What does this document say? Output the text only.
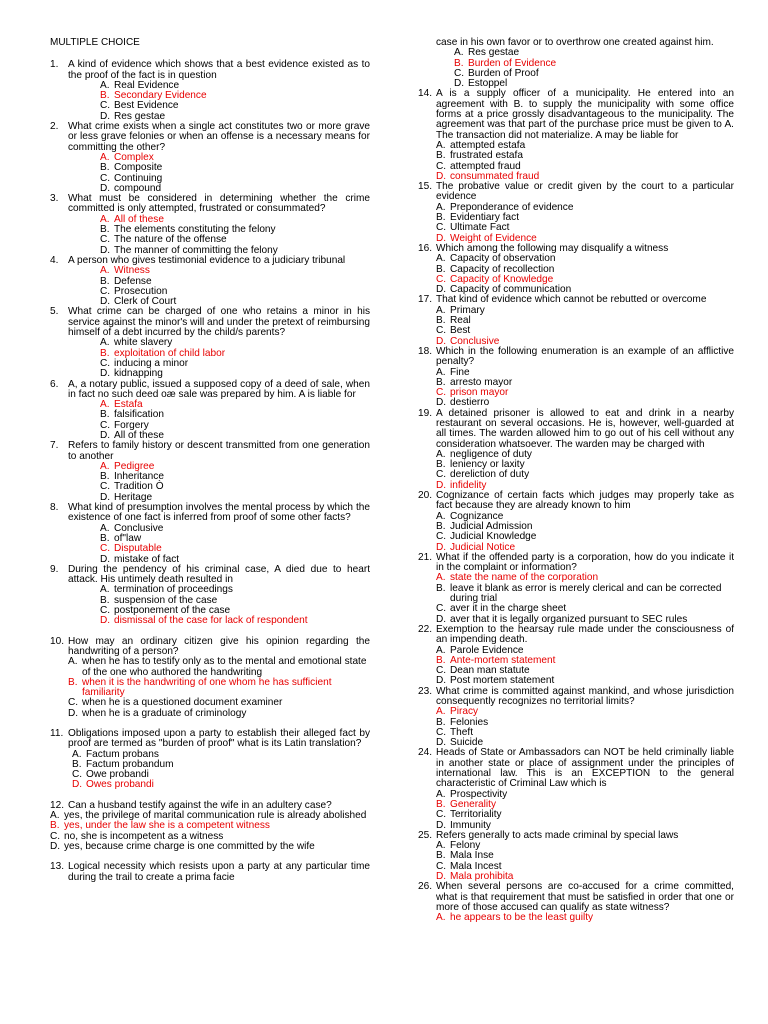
MULTIPLE CHOICE
1. A kind of evidence which shows that a best evidence existed as to the proof of the fact is in question
A. Real Evidence
B. Secondary Evidence
C. Best Evidence
D. Res gestae
2. What crime exists when a single act constitutes two or more grave or less grave felonies or when an offense is a necessary means for committing the other?
A. Complex
B. Composite
C. Continuing
D. compound
3. What must be considered in determining whether the crime committed is only attempted, frustrated or consummated?
A. All of these
B. The elements constituting the felony
C. The nature of the offense
D. The manner of committing the felony
4. A person who gives testimonial evidence to a judiciary tribunal
A. Witness
B. Defense
C. Prosecution
D. Clerk of Court
5. What crime can be charged of one who retains a minor in his service against the minor's will and under the pretext of reimbursing himself of a debt incurred by the child/s parents?
A. white slavery
B. exploitation of child labor
C. inducing a minor
D. kidnapping
6. A, a notary public, issued a supposed copy of a deed of sale, when in fact no such deed oæ sale was prepared by him. A is liable for
A. Estafa
B. falsification
C. Forgery
D. All of these
7. Refers to family history or descent transmitted from one generation to another
A. Pedigree
B. Inheritance
C. Tradition Ò
D. Heritage
8. What kind of presumption involves the mental process by which the existence of one fact is inferred from proof of some other facts?
A. Conclusive
B. of"law
C. Disputable
D. mistake of fact
9. During the pendency of his criminal case, A died due to heart attack. His untimely death resulted in
A. termination of proceedings
B. suspension of the case
C. postponement of the case
D. dismissal of the case for lack of respondent
10. How may an ordinary citizen give his opinion regarding the handwriting of a person?
A. when he has to testify only as to the mental and emotional state of the one who authored the handwriting
B. when it is the handwriting of one whom he has sufficient familiarity
C. when he is a questioned document examiner
D. when he is a graduate of criminology
11. Obligations imposed upon a party to establish their alleged fact by proof are termed as "burden of proof" what is its Latin translation?
A. Factum probans
B. Factum probandum
C. Owe probandi
D. Owes probandi
12. Can a husband testify against the wife in an adultery case?
A. yes, the privilege of marital communication rule is already abolished
B. yes, under the law she is a competent witness
C. no, she is incompetent as a witness
D. yes, because crime charge is one committed by the wife
13. Logical necessity which resists upon a party at any particular time during the trail to create a prima facie
case in his own favor or to overthrow one created against him.
A. Res gestae
B. Burden of Evidence
C. Burden of Proof
D. Estoppel
14. A is a supply officer of a municipality. He entered into an agreement with B. to supply the municipality with some office forms at a price grossly disadvantageous to the municipality. The agreement was that part of the purchase price must be given to A. The transaction did not materialize. A may be liable for
A. attempted estafa
B. frustrated estafa
C. attempted fraud
D. consummated fraud
15. The probative value or credit given by the court to a particular evidence
A. Preponderance of evidence
B. Evidentiary fact
C. Ultimate Fact
D. Weight of Evidence
16. Which among the following may disqualify a witness
A. Capacity of observation
B. Capacity of recollection
C. Capacity of Knowledge
D. Capacity of communication
17. That kind of evidence which cannot be rebutted or overcome
A. Primary
B. Real
C. Best
D. Conclusive
18. Which in the following enumeration is an example of an afflictive penalty?
A. Fine
B. arresto mayor
C. prison mayor
D. destierro
19. A detained prisoner is allowed to eat and drink in a nearby restaurant on several occasions. He is, however, well-guarded at all times. The warden allowed him to go out of his cell without any consideration whatsoever. The warden may be charged with
A. negligence of duty
B. leniency or laxity
C. dereliction of duty
D. infidelity
20. Cognizance of certain facts which judges may properly take as fact because they are already known to him
A. Cognizance
B. Judicial Admission
C. Judicial Knowledge
D. Judicial Notice
21. What if the offended party is a corporation, how do you indicate it in the complaint or information?
A. state the name of the corporation
B. leave it blank as error is merely clerical and can be corrected during trial
C. aver it in the charge sheet
D. aver that it is legally organized pursuant to SEC rules
22. Exemption to the hearsay rule made under the consciousness of an impending death.
A. Parole Evidence
B. Ante-mortem statement
C. Dean man statute
D. Post mortem statement
23. What crime is committed against mankind, and whose jurisdiction consequently recognizes no territorial limits?
A. Piracy
B. Felonies
C. Theft
D. Suicide
24. Heads of State or Ambassadors can NOT be held criminally liable in another state or place of assignment under the principles of international law. This is an EXCEPTION to the general characteristic of Criminal Law which is
A. Prospectivity
B. Generality
C. Territoriality
D. Immunity
25. Refers generally to acts made criminal by special laws
A. Felony
B. Mala Inse
C. Mala Incest
D. Mala prohibita
26. When several persons are co-accused for a crime committed, what is that requirement that must be satisfied in order that one or more of those accused can qualify as state witness?
A. he appears to be the least guilty
